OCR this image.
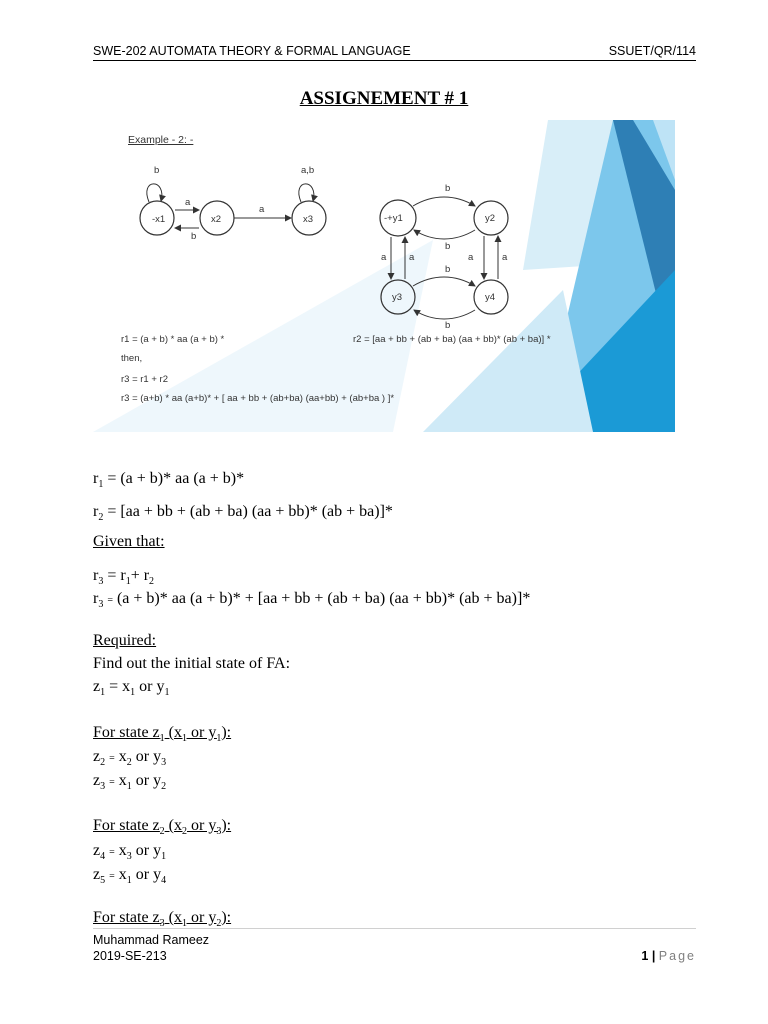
SWE-202 AUTOMATA THEORY & FORMAL LANGUAGE	SSUET/QR/114
ASSIGNEMENT # 1
Example - 2: -
-x1	x2	x3
b
a
b
a
a,b
-+y1	y2
y3	y4
b
b
a a	a	a
b
b
r1 = (a + b) * aa (a + b) *	r2 = [aa + bb + (ab + ba) (aa + bb)* (ab + ba)] *
then,
r3 = r1 + r2
r3 = (a+b) * aa (a+b)* + [ aa + bb + (ab+ba) (aa+bb) + (ab+ba ) ]*
$r_1 = (a + b)*$ aa (a + b)*
$r_2 = [aa$ + bb + (ab + ba) (aa + bb)* (ab + ba)]*
Given that:
$r_3 = r_1+ r_2$
$r_3 = (a + b)*$ aa (a + b)* + [aa + bb + (ab + ba) (aa + bb)* (ab + ba)]*
Required:
Find out the initial state of FA:
$z_1 = x_1$ or $y_1$
For state $z_1$ ($x_1$ or $y_1$):
$z_2 = x_2$ or $y_3$
$z_3 = x_1$ or $y_2$
For state $z_2$ ($x_2$ or $y_3$):
$z_4 = x_3$ or $y_1$
$z_5 = x_1$ or $y_4$
For state $z_3$ ($x_1$ or $y_2$):
Muhammad Rameez
2019-SE-213	1 | Page
